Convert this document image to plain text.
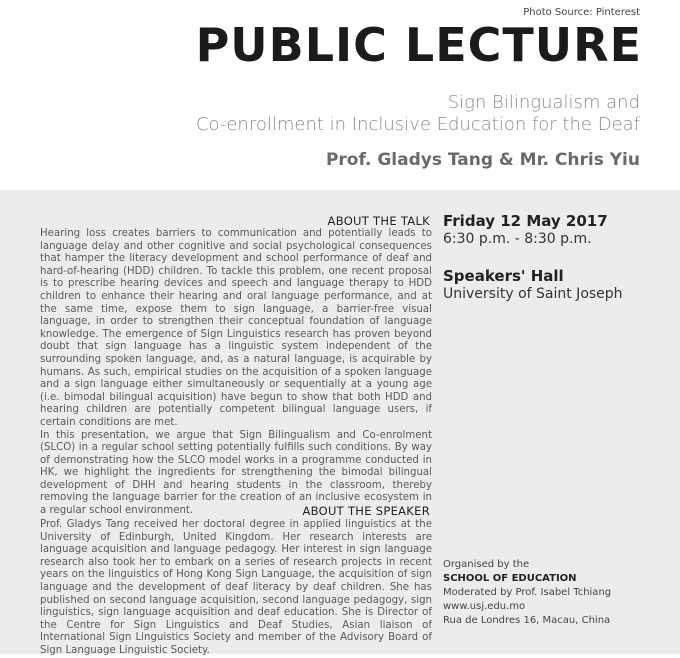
Photo Source: Pinterest
PUBLIC LECTURE
Sign Bilingualism and
Co-enrollment in Inclusive Education for the Deaf
Prof. Gladys Tang & Mr. Chris Yiu
ABOUT THE TALK

Hearing loss creates barriers to communication and potentially leads to language delay and other cognitive and social psychological consequences that hamper the literacy development and school performance of deaf and hard-of-hearing (HDD) children. To tackle this problem, one recent proposal is to prescribe hearing devices and speech and language therapy to HDD children to enhance their hearing and oral language performance, and at the same time, expose them to sign language, a barrier-free visual language, in order to strengthen their conceptual foundation of language knowledge. The emergence of Sign Linguistics research has proven beyond doubt that sign language has a linguistic system independent of the surrounding spoken language, and, as a natural language, is acquirable by humans. As such, empirical studies on the acquisition of a spoken language and a sign language either simultaneously or sequentially at a young age (i.e. bimodal bilingual acquisition) have begun to show that both HDD and hearing children are potentially competent bilingual language users, if certain conditions are met.

In this presentation, we argue that Sign Bilingualism and Co-enrolment (SLCO) in a regular school setting potentially fulfills such conditions. By way of demonstrating how the SLCO model works in a programme conducted in HK, we highlight the ingredients for strengthening the bimodal bilingual development of DHH and hearing students in the classroom, thereby removing the language barrier for the creation of an inclusive ecosystem in a regular school environment.	ABOUT THE SPEAKER

Prof. Gladys Tang received her doctoral degree in applied linguistics at the University of Edinburgh, United Kingdom. Her research interests are language acquisition and language pedagogy. Her interest in sign language research also took her to embark on a series of research projects in recent years on the linguistics of Hong Kong Sign Language, the acquisition of sign language and the development of deaf literacy by deaf children. She has published on second language acquisition, second language pedagogy, sign linguistics, sign language acquisition and deaf education. She is Director of the Centre for Sign Linguistics and Deaf Studies, Asian liaison of International Sign Linguistics Society and member of the Advisory Board of Sign Language Linguistic Society.

Friday 12 May 2017
6:30 p.m. - 8:30 p.m.
Speakers' Hall
University of Saint Joseph
Organised by the
SCHOOL OF EDUCATION
Moderated by Prof. Isabel Tchiang
www.usj.edu.mo
Rua de Londres 16, Macau, China
